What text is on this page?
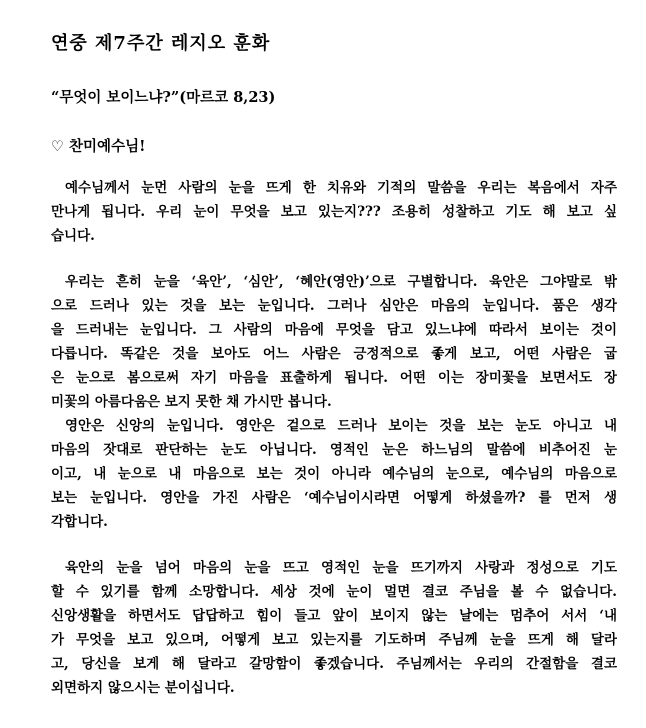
연중 제7주간 레지오 훈화
“무엇이 보이느냐?”(마르코 8,23)
♡ 찬미예수님!
예수님께서 눈먼 사람의 눈을 뜨게 한 치유와 기적의 말씀을 우리는 복음에서 자주
만나게 됩니다. 우리 눈이 무엇을 보고 있는지??? 조용히 성찰하고 기도 해 보고 싶
습니다.
우리는 흔히 눈을 ‘육안’, ‘심안’, ‘혜안(영안)’으로 구별합니다. 육안은 그야말로 밖
으로 드러나 있는 것을 보는 눈입니다. 그러나 심안은 마음의 눈입니다. 품은 생각
을 드러내는 눈입니다. 그 사람의 마음에 무엇을 담고 있느냐에 따라서 보이는 것이
다릅니다. 똑같은 것을 보아도 어느 사람은 긍정적으로 좋게 보고, 어떤 사람은 굽
은 눈으로 봄으로써 자기 마음을 표출하게 됩니다. 어떤 이는 장미꽃을 보면서도 장
미꽃의 아름다움은 보지 못한 채 가시만 봅니다.
영안은 신앙의 눈입니다. 영안은 겉으로 드러나 보이는 것을 보는 눈도 아니고 내
마음의 잣대로 판단하는 눈도 아닙니다. 영적인 눈은 하느님의 말씀에 비추어진 눈
이고, 내 눈으로 내 마음으로 보는 것이 아니라 예수님의 눈으로, 예수님의 마음으로
보는 눈입니다. 영안을 가진 사람은 ‘예수님이시라면 어떻게 하셨을까? 를 먼저 생
각합니다.
육안의 눈을 넘어 마음의 눈을 뜨고 영적인 눈을 뜨기까지 사랑과 정성으로 기도
할 수 있기를 함께 소망합니다. 세상 것에 눈이 멀면 결코 주님을 볼 수 없습니다.
신앙생활을 하면서도 답답하고 힘이 들고 앞이 보이지 않는 날에는 멈추어 서서 ‘내
가 무엇을 보고 있으며, 어떻게 보고 있는지를 기도하며 주님께 눈을 뜨게 해 달라
고, 당신을 보게 해 달라고 갈망함이 좋겠습니다. 주님께서는 우리의 간절함을 결코
외면하지 않으시는 분이십니다.
